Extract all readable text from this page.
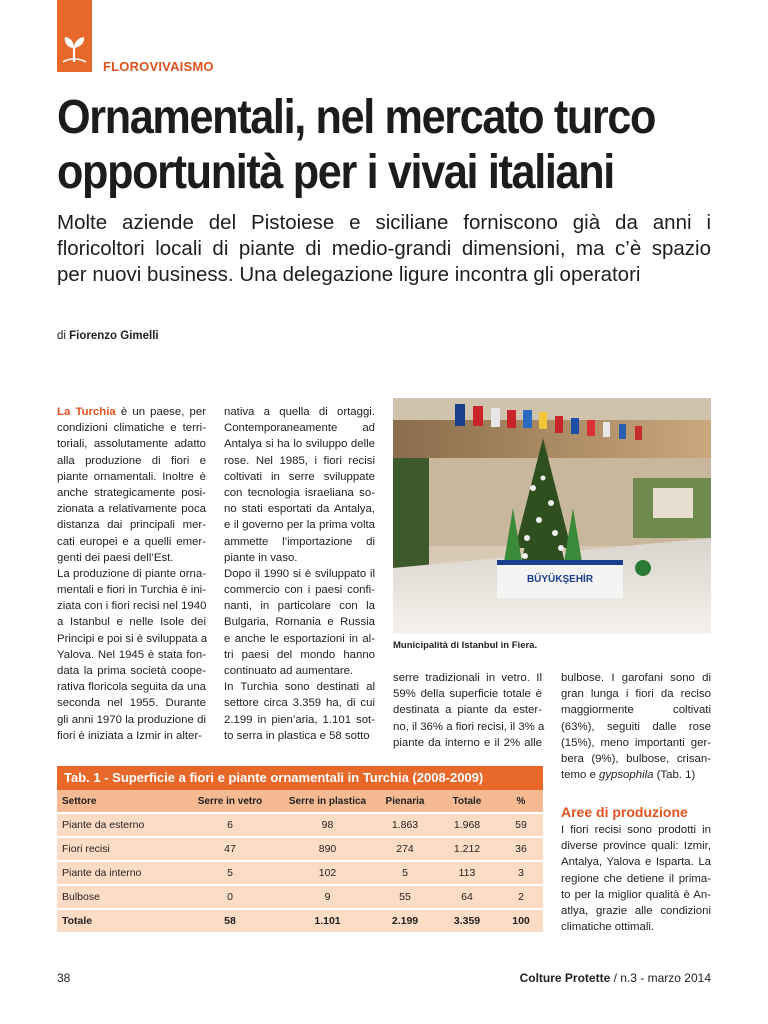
FLOROVIVAISMO
Ornamentali, nel mercato turco
opportunità per i vivai italiani

Molte aziende del Pistoiese e siciliane forniscono già da anni i
floricoltori locali di piante di medio-grandi dimensioni, ma c’è spazio
per nuovi business. Una delegazione ligure incontra gli operatori

di Fiorenzo Gimelli
La Turchia è un paese, per
condizioni climatiche e terri-
toriali, assolutamente adatto
alla produzione di fiori e
piante ornamentali. Inoltre è
anche strategicamente posi-
zionata a relativamente poca
distanza dai principali mer-
cati europei e a quelli emer-
genti dei paesi dell’Est.
La produzione di piante orna-
mentali e fiori in Turchia è ini-
ziata con i fiori recisi nel 1940
a Istanbul e nelle Isole dei
Principi e poi si è sviluppata a
Yalova. Nel 1945 è stata fon-
data la prima società coope-
rativa floricola seguita da una
seconda nel 1955. Durante
gli anni 1970 la produzione di
fiori è iniziata a Izmir in alter-
nativa a quella di ortaggi.
Contemporaneamente ad
Antalya si ha lo sviluppo delle
rose. Nel 1985, i fiori recisi
coltivati in serre sviluppate
con tecnologia israeliana so-
no stati esportati da Antalya,
e il governo per la prima volta
ammette l’importazione di
piante in vaso.
Dopo il 1990 si è sviluppato il
commercio con i paesi confi-
nanti, in particolare con la
Bulgaria, Romania e Russia
e anche le esportazioni in al-
tri paesi del mondo hanno
continuato ad aumentare.
In Turchia sono destinati al
settore circa 3.359 ha, di cui
2.199 in pien’aria, 1.101 sot-
to serra in plastica e 58 sotto
BÜYÜKŞEHİR
Municipalità di Istanbul in Fiera.
serre tradizionali in vetro. Il
59% della superficie totale è
destinata a piante da ester-
no, il 36% a fiori recisi, il 3% a
piante da interno e il 2% alle
bulbose. I garofani sono di
gran lunga i fiori da reciso
maggiormente coltivati
(63%), seguiti dalle rose
(15%), meno importanti ger-
bera (9%), bulbose, crisan-
temo e gypsophila (Tab. 1)
Aree di produzione
I fiori recisi sono prodotti in
diverse province quali: Izmir,
Antalya, Yalova e Isparta. La
regione che detiene il prima-
to per la miglior qualità è An-
atlya, grazie alle condizioni
climatiche ottimali.
Tab. 1 - Superficie a fiori e piante ornamentali in Turchia (2008-2009)
Settore	Serre in vetro	Serre in plastica	Pienaria	Totale	%
Piante da esterno	6	98	1.863	1.968	59
Fiori recisi	47	890	274	1.212	36
Piante da interno	5	102	5	113	3
Bulbose	0	9	55	64	2
Totale	58	1.101	2.199	3.359	100
38	Colture Protette / n.3 - marzo 2014
